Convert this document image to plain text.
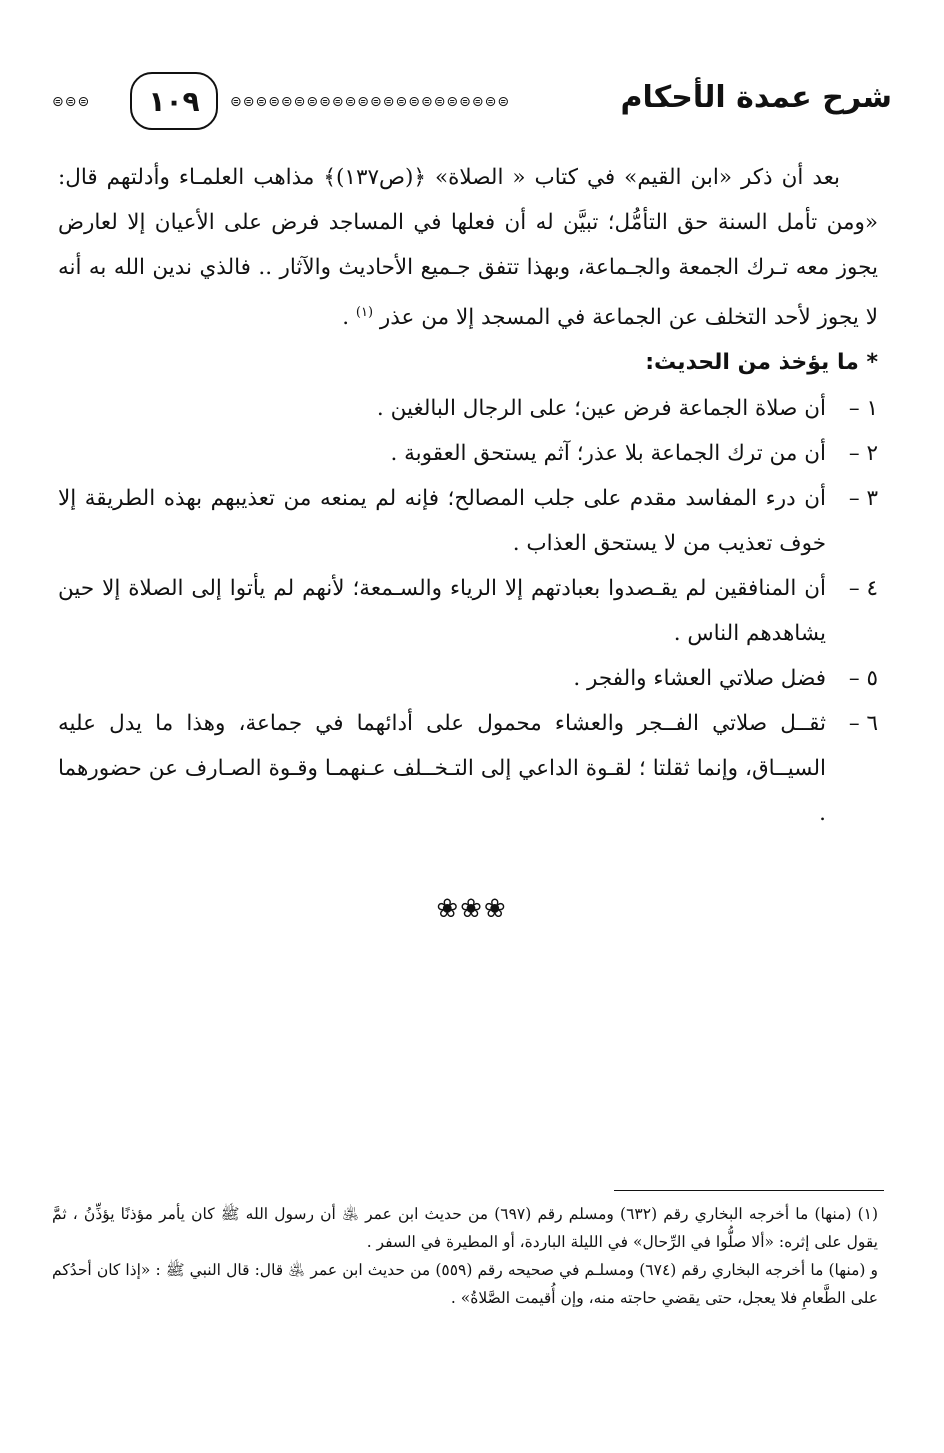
⊜⊜⊜	١٠٩	⊜⊜⊜⊜⊜⊜⊜⊜⊜⊜⊜⊜⊜⊜⊜⊜⊜⊜⊜⊜⊜⊜	شرح عمدة الأحكام

بعد أن ذكر «ابن القيم» في كتاب « الصلاة» ﴿(ص١٣٧)﴾ مذاهب العلمـاء وأدلتهم قال: «ومن تأمل السنة حق التأمُّل؛ تبيَّن له أن فعلها في المساجد فرض على الأعيان إلا لعارض يجوز معه تـرك الجمعة والجـماعة، وبهذا تتفق جـميع الأحاديث والآثار .. فالذي ندين الله به أنه لا يجوز لأحد التخلف عن الجماعة في المسجد إلا من عذر $^{(١)}$ .

* ما يؤخذ من الحديث:

١ –
أن صلاة الجماعة فرض عين؛ على الرجال البالغين .
٢ –
أن من ترك الجماعة بلا عذر؛ آثم يستحق العقوبة .
٣ –
أن درء المفاسد مقدم على جلب المصالح؛ فإنه لم يمنعه من تعذيبهم بهذه الطريقة إلا خوف تعذيب من لا يستحق العذاب .
٤ –
أن المنافقين لم يقـصدوا بعبادتهم إلا الرياء والسـمعة؛ لأنهم لم يأتوا إلى الصلاة إلا حين يشاهدهم الناس .
٥ –
فضل صلاتي العشاء والفجر .
٦ –
ثقــل صلاتي الفــجر والعشاء محمول على أدائهما في جماعة، وهذا ما يدل عليه السيــاق، وإنما ثقلتا ؛ لقـوة الداعي إلى التـخــلف عـنهمـا وقـوة الصـارف عن حضورهما .
❀❀❀

(١) (منها) ما أخرجه البخاري رقم (٦٣٢) ومسلم رقم (٦٩٧) من حديث ابن عمر ﵁ أن رسول الله ﷺ كان يأمر مؤذنًا يؤذِّنُ ، ثمَّ يقول على إثره: «ألا صلُّوا في الرِّحال» في الليلة الباردة، أو المطيرة في السفر .

و (منها) ما أخرجه البخاري رقم (٦٧٤) ومسلـم في صحيحه رقم (٥٥٩) من حديث ابن عمر ﵁ قال: قال النبي ﷺ : «إذا كان أحدُكم على الطَّعامِ فلا يعجل، حتى يقضي حاجته منه، وإن أُقيمت الصَّلاةُ» .
